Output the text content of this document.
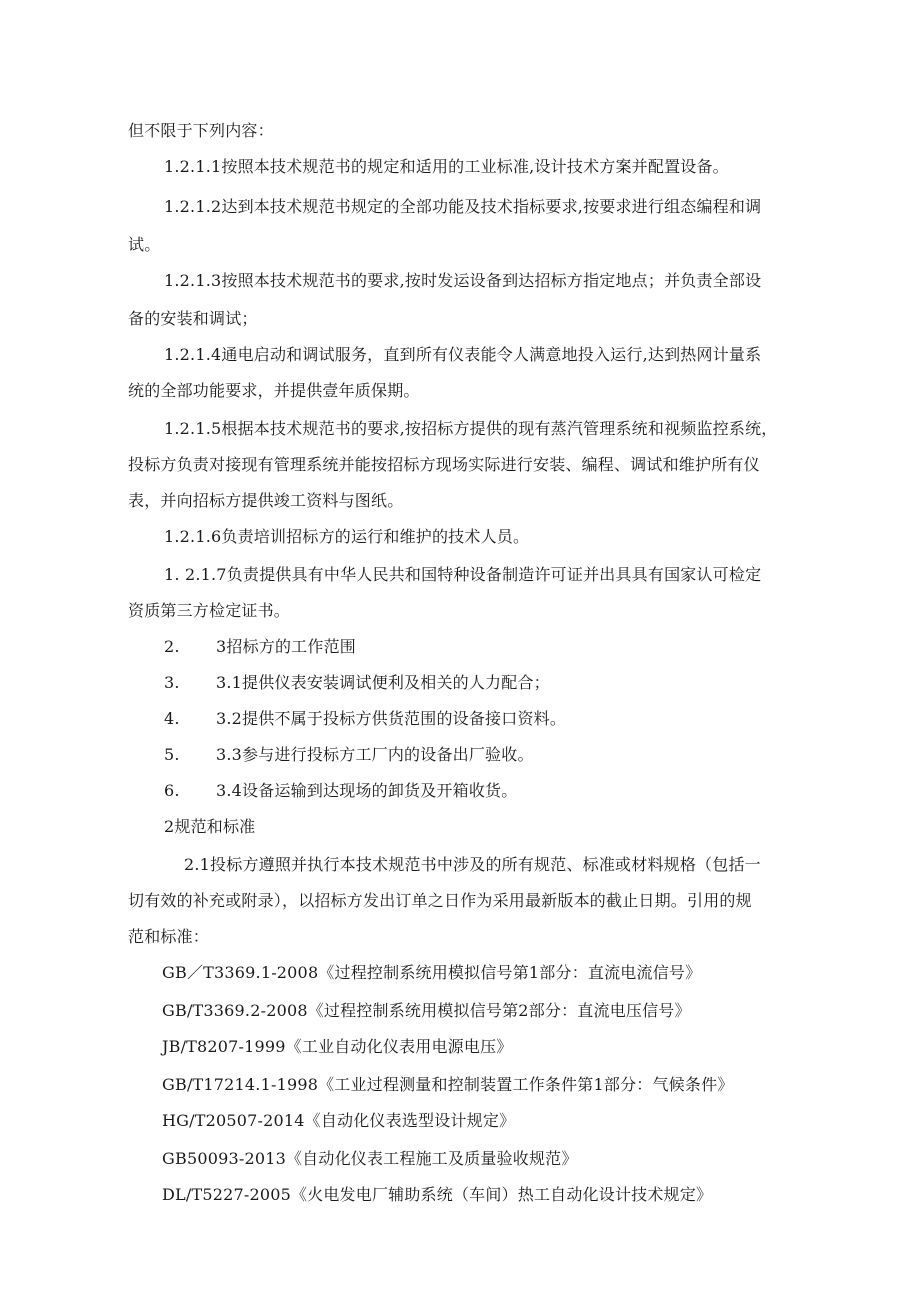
但不限于下列内容：
1.2.1.1按照本技术规范书的规定和适用的工业标准,设计技术方案并配置设备。
1.2.1.2达到本技术规范书规定的全部功能及技术指标要求,按要求进行组态编程和调
试。
1.2.1.3按照本技术规范书的要求,按时发运设备到达招标方指定地点；并负责全部设
备的安装和调试；
1.2.1.4通电启动和调试服务，直到所有仪表能令人满意地投入运行,达到热网计量系
统的全部功能要求，并提供壹年质保期。
1.2.1.5根据本技术规范书的要求,按招标方提供的现有蒸汽管理系统和视频监控系统，
投标方负责对接现有管理系统并能按招标方现场实际进行安装、编程、调试和维护所有仪
表，并向招标方提供竣工资料与图纸。
1.2.1.6负责培训招标方的运行和维护的技术人员。
1. 2.1.7负责提供具有中华人民共和国特种设备制造许可证并出具具有国家认可检定
资质第三方检定证书。
2. 3招标方的工作范围
3. 3.1提供仪表安装调试便利及相关的人力配合；
4. 3.2提供不属于投标方供货范围的设备接口资料。
5. 3.3参与进行投标方工厂内的设备出厂验收。
6. 3.4设备运输到达现场的卸货及开箱收货。
2规范和标准
2.1投标方遵照并执行本技术规范书中涉及的所有规范、标准或材料规格（包括一
切有效的补充或附录），以招标方发出订单之日作为采用最新版本的截止日期。引用的规
范和标准：
GB／T3369.1-2008《过程控制系统用模拟信号第1部分：直流电流信号》
GB/T3369.2-2008《过程控制系统用模拟信号第2部分：直流电压信号》
JB/T8207-1999《工业自动化仪表用电源电压》
GB/T17214.1-1998《工业过程测量和控制装置工作条件第1部分：气候条件》
HG/T20507-2014《自动化仪表选型设计规定》
GB50093-2013《自动化仪表工程施工及质量验收规范》
DL/T5227-2005《火电发电厂辅助系统（车间）热工自动化设计技术规定》
